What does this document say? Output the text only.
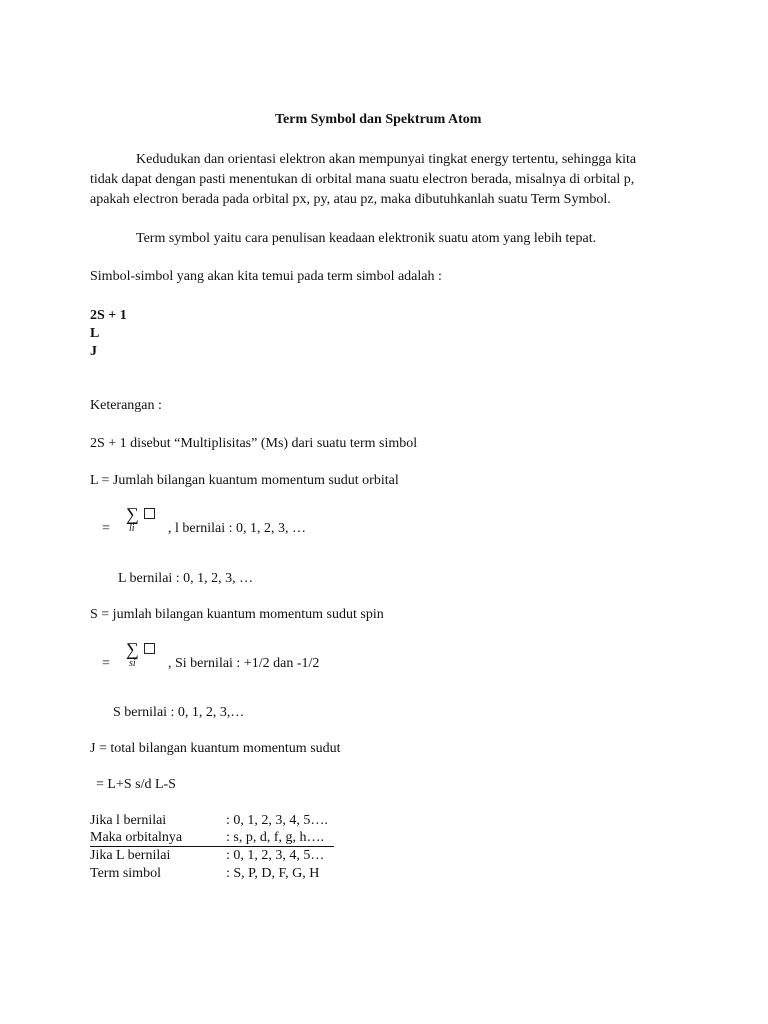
Term Symbol dan Spektrum Atom
Kedudukan dan orientasi elektron akan mempunyai tingkat energy tertentu, sehingga kita
tidak dapat dengan pasti menentukan di orbital mana suatu electron berada, misalnya di orbital p,
apakah electron berada pada orbital px, py, atau pz, maka dibutuhkanlah suatu Term Symbol.
Term symbol yaitu cara penulisan keadaan elektronik suatu atom yang lebih tepat.
Simbol-simbol yang akan kita temui pada term simbol adalah :
2S + 1
L
J
Keterangan :
2S + 1 disebut “Multiplisitas” (Ms) dari suatu term simbol
L = Jumlah bilangan kuantum momentum sudut orbital
=
∑
li , l bernilai : 0, 1, 2, 3, …
L bernilai : 0, 1, 2, 3, …
S = jumlah bilangan kuantum momentum sudut spin
=
∑
si , Si bernilai : +1/2 dan -1/2
S bernilai : 0, 1, 2, 3,…
J = total bilangan kuantum momentum sudut
= L+S s/d L-S
Jika l bernilai	: 0, 1, 2, 3, 4, 5….
Maka orbitalnya	: s, p, d, f, g, h….
Jika L bernilai	: 0, 1, 2, 3, 4, 5…
Term simbol	: S, P, D, F, G, H
